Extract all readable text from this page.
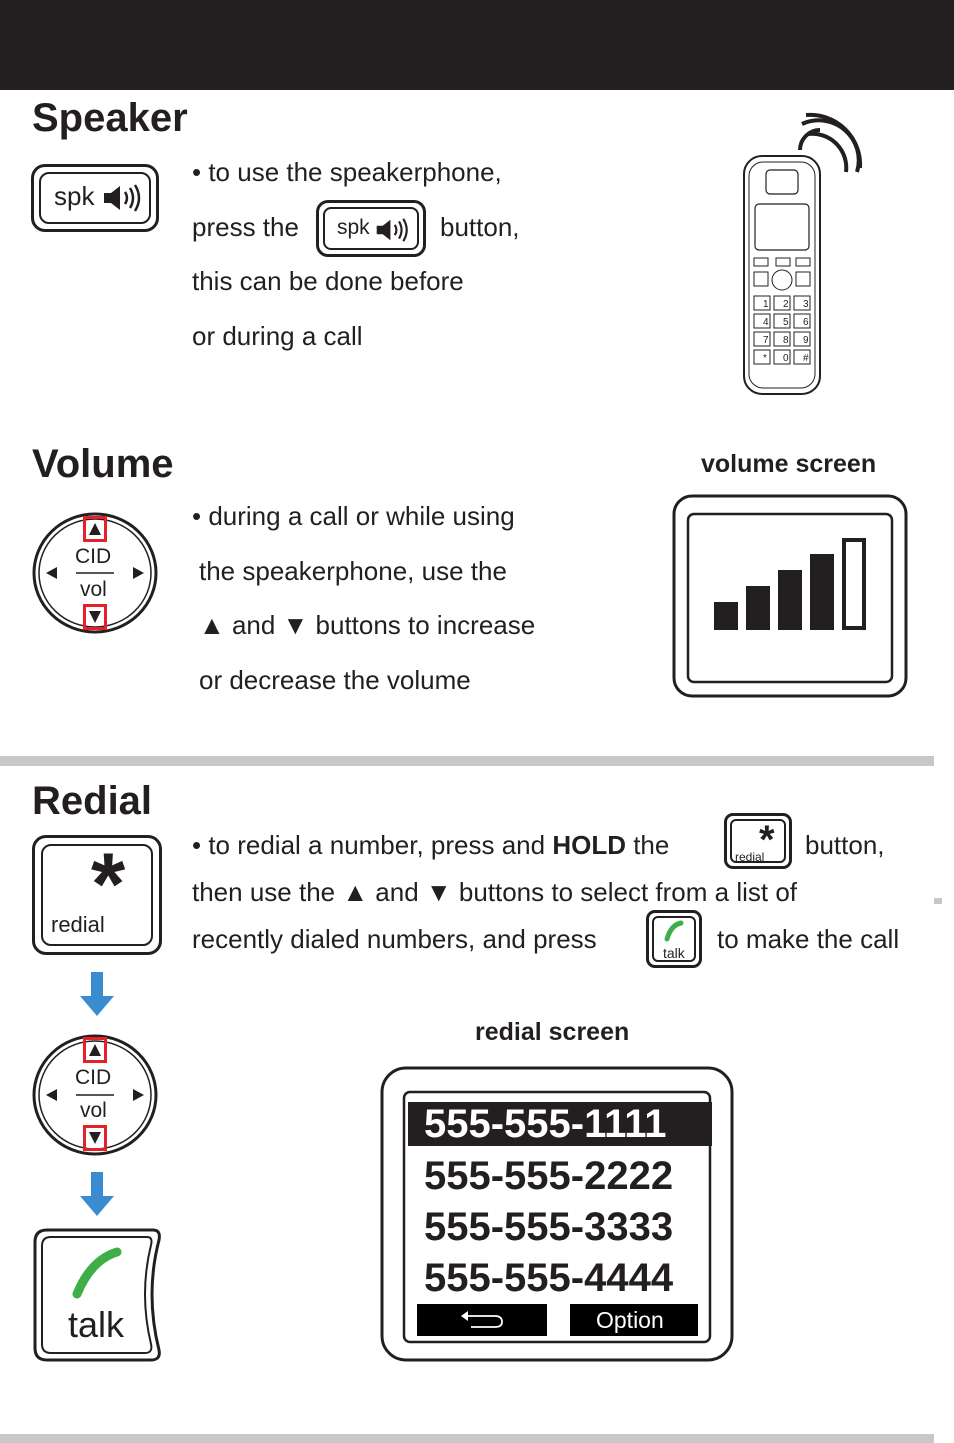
Speaker
spk
• to use the speakerphone,
press the spk	button,
this can be done before
or during a call
1 2 3
4 5 6
7 8 9
* 0 #
Volume
CID
vol
• during a call or while using
the speakerphone, use the
▲ and ▼ buttons to increase
or decrease the volume
volume screen
Redial
*
redial
• to redial a number, press and HOLD the *
redial button,
then use the ▲ and ▼ buttons to select from a list of
recently dialed numbers, and press	talk to make the call
CID
vol
talk
redial screen
555-555-1111
555-555-2222
555-555-3333
555-555-4444
Option
